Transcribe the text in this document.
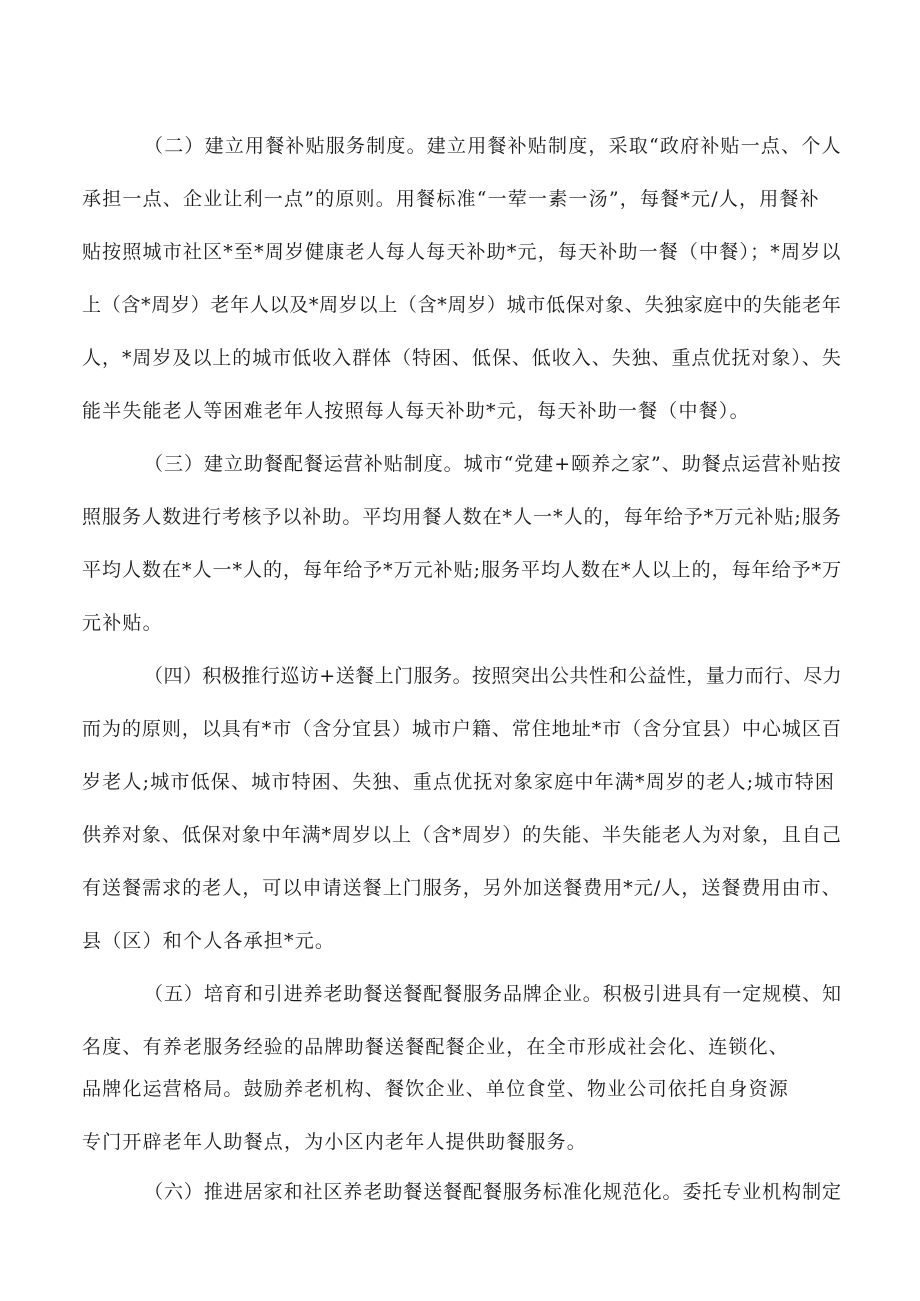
（二）建立用餐补贴服务制度。建立用餐补贴制度，采取“政府补贴一点、个人
承担一点、企业让利一点”的原则。用餐标准“一荤一素一汤”，每餐*元/人，用餐补
贴按照城市社区*至*周岁健康老人每人每天补助*元，每天补助一餐（中餐）；*周岁以
上（含*周岁）老年人以及*周岁以上（含*周岁）城市低保对象、失独家庭中的失能老年
人，*周岁及以上的城市低收入群体（特困、低保、低收入、失独、重点优抚对象）、失
能半失能老人等困难老年人按照每人每天补助*元，每天补助一餐（中餐）。
（三）建立助餐配餐运营补贴制度。城市“党建+颐养之家”、助餐点运营补贴按
照服务人数进行考核予以补助。平均用餐人数在*人一*人的，每年给予*万元补贴;服务
平均人数在*人一*人的，每年给予*万元补贴;服务平均人数在*人以上的，每年给予*万
元补贴。
（四）积极推行巡访+送餐上门服务。按照突出公共性和公益性，量力而行、尽力
而为的原则，以具有*市（含分宜县）城市户籍、常住地址*市（含分宜县）中心城区百
岁老人;城市低保、城市特困、失独、重点优抚对象家庭中年满*周岁的老人;城市特困
供养对象、低保对象中年满*周岁以上（含*周岁）的失能、半失能老人为对象，且自己
有送餐需求的老人，可以申请送餐上门服务，另外加送餐费用*元/人，送餐费用由市、
县（区）和个人各承担*元。
（五）培育和引进养老助餐送餐配餐服务品牌企业。积极引进具有一定规模、知
名度、有养老服务经验的品牌助餐送餐配餐企业，在全市形成社会化、连锁化、
品牌化运营格局。鼓励养老机构、餐饮企业、单位食堂、物业公司依托自身资源
专门开辟老年人助餐点，为小区内老年人提供助餐服务。
（六）推进居家和社区养老助餐送餐配餐服务标准化规范化。委托专业机构制定
